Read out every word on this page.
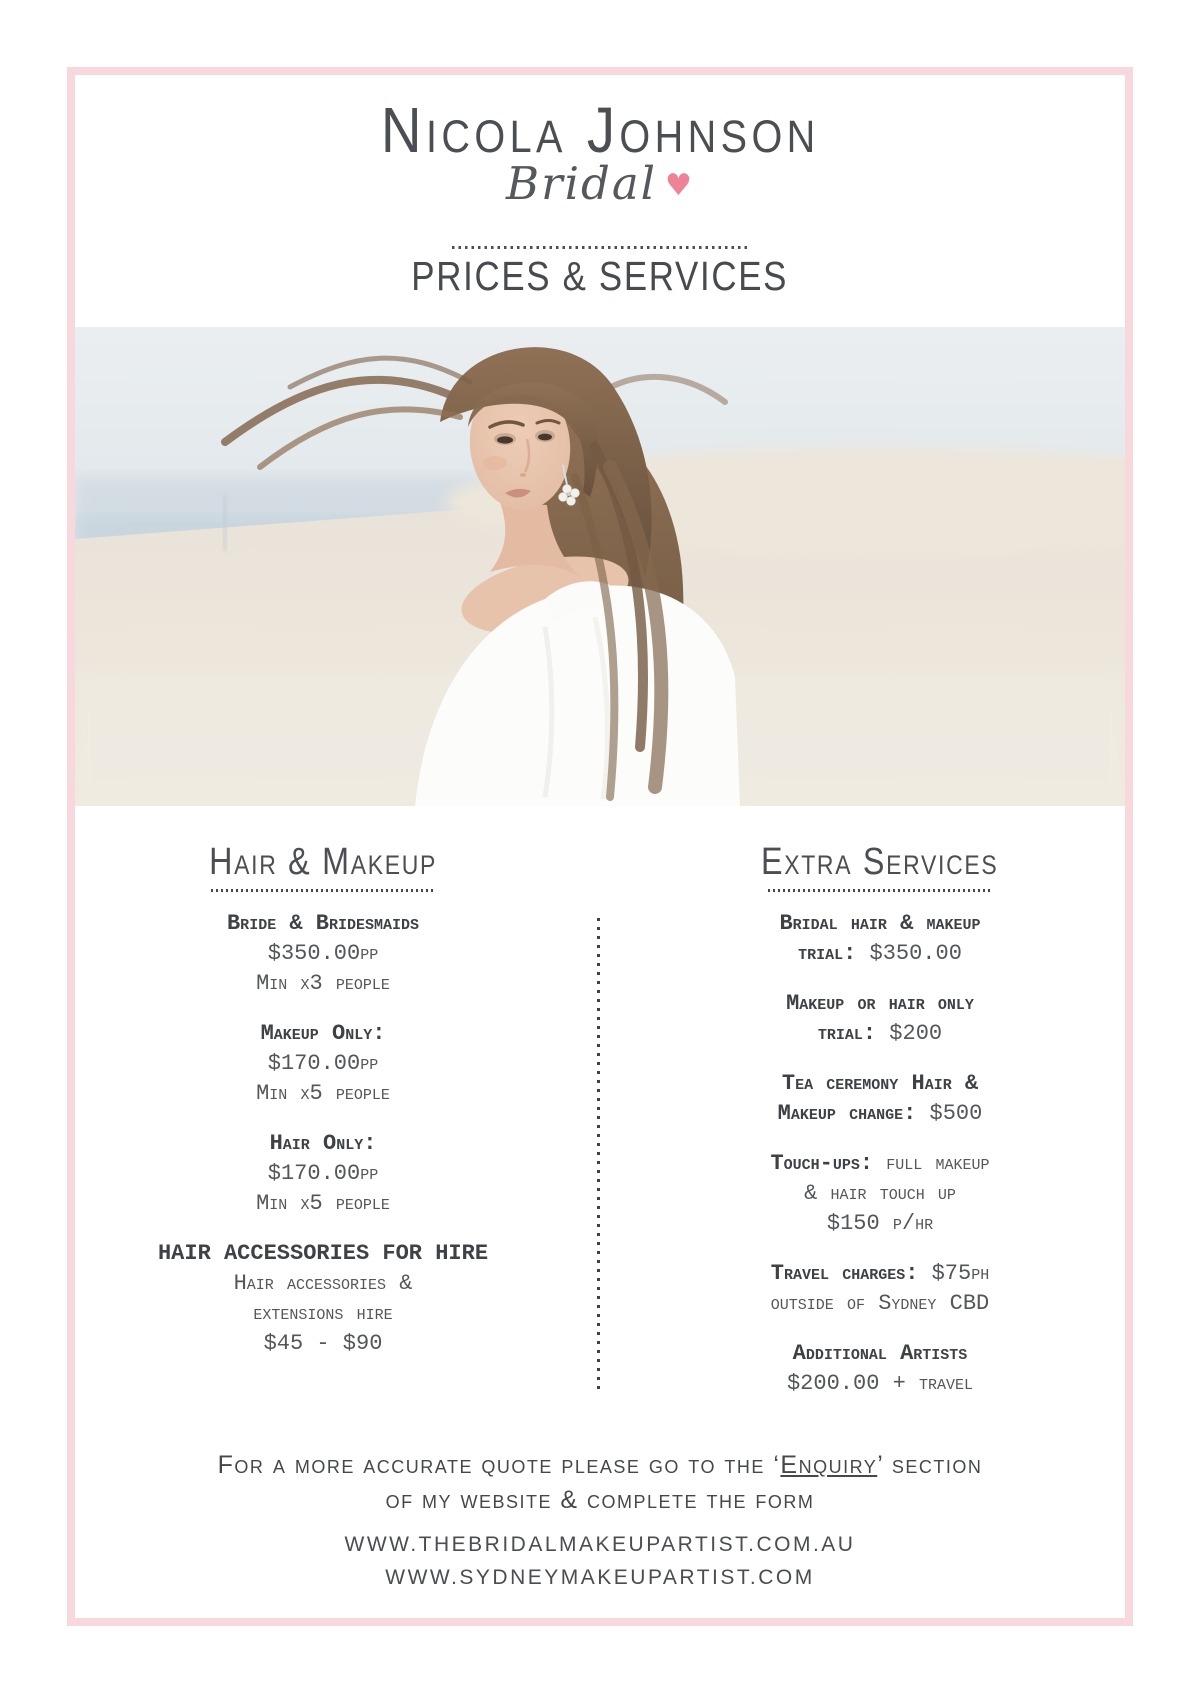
Nicola Johnson
Bridal ♥
PRICES & SERVICES
Hair & Makeup
Bride & Bridesmaids
$350.00pp
Min x3 people
Makeup Only:
$170.00pp
Min x5 people
Hair Only:
$170.00pp
Min x5 people
HAIR ACCESSORIES FOR HIRE
Hair accessories &
extensions hire
$45 - $90
Extra Services
Bridal hair & makeup
trial: $350.00
Makeup or hair only
trial: $200
Tea ceremony Hair &
Makeup change: $500
Touch-ups: full makeup
& hair touch up
$150 p/hr
Travel charges: $75ph
outside of Sydney CBD
Additional Artists
$200.00 + travel
For a more accurate quote please go to the ‘Enquiry’ section
of my website & complete the form
WWW.THEBRIDALMAKEUPARTIST.COM.AU
WWW.SYDNEYMAKEUPARTIST.COM
